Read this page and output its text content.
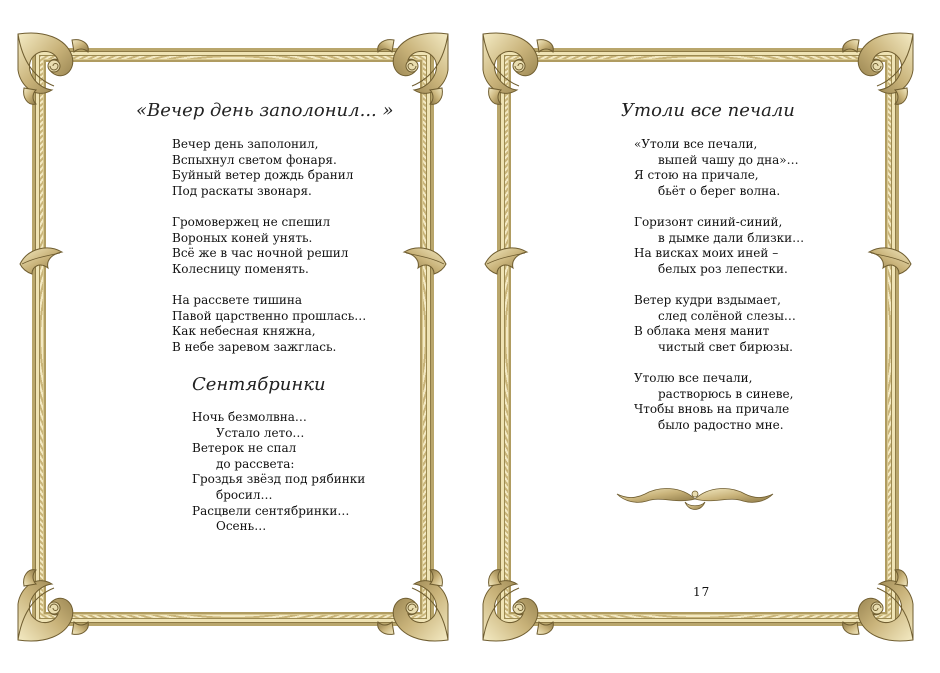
«Вечер день заполонил... »
Вечер день заполонил,
Вспыхнул светом фонаря.
Буйный ветер дождь бранил
Под раскаты звонаря.
Громовержец не спешил
Вороных коней унять.
Всё же в час ночной решил
Колесницу поменять.
На рассвете тишина
Павой царственно прошлась…
Как небесная княжна,
В небе заревом зажглась.
Сентябринки
Ночь безмолвна…
Устало лето…
Ветерок не спал
до рассвета:
Гроздья звёзд под рябинки
бросил…
Расцвели сентябринки…
Осень…
Утоли все печали
«Утоли все печали,
выпей чашу до дна»…
Я стою на причале,
бьёт о берег волна.
Горизонт синий-синий,
в дымке дали близки…
На висках моих иней –
белых роз лепестки.
Ветер кудри вздымает,
след солёной слезы…
В облака меня манит
чистый свет бирюзы.
Утолю все печали,
растворюсь в синеве,
Чтобы вновь на причале
было радостно мне.
17
